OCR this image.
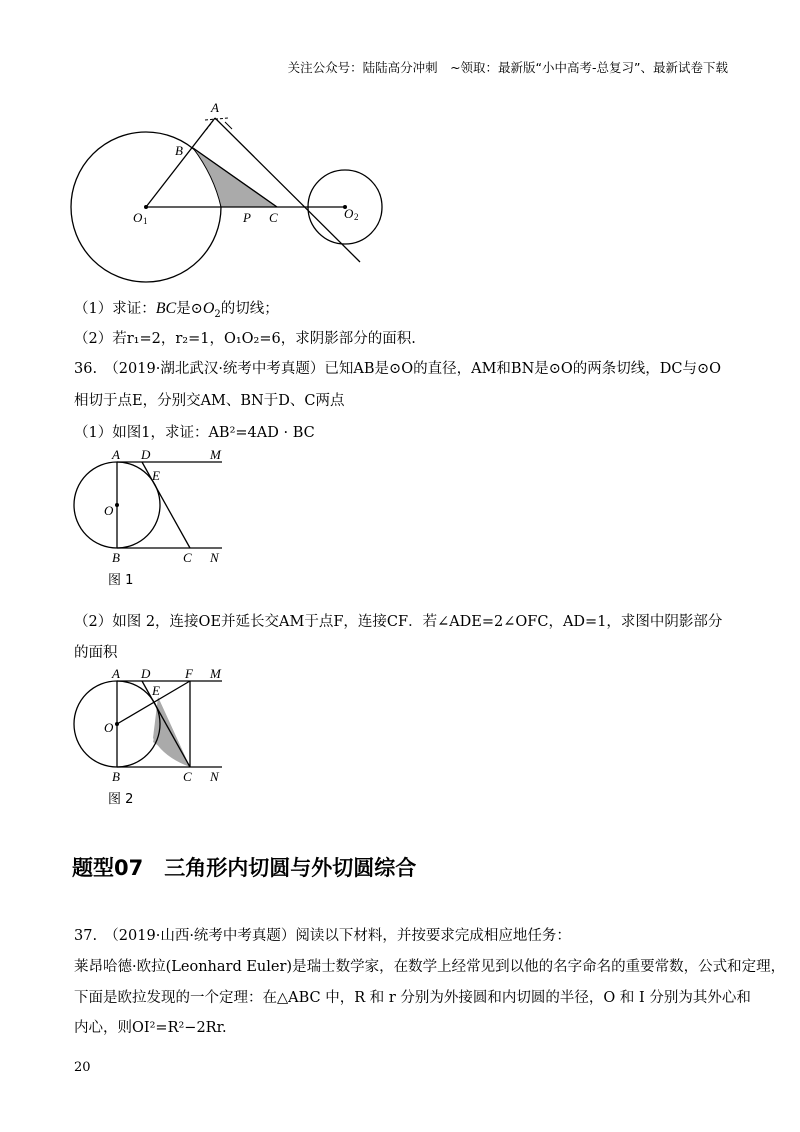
关注公众号：陆陆高分冲刺　~领取：最新版“小中高考-总复习”、最新试卷下载
A
B
O 1	P C	O 2
（1）求证：BC是$⊙O_2$的切线；
（2）若r₁=2，r₂=1，O₁O₂=6，求阴影部分的面积.
36.　（2019·湖北武汉·统考中考真题）已知AB是⊙O的直径，AM和BN是⊙O的两条切线，DC与⊙O
相切于点E，分别交AM、BN于D、C两点
（1）如图1，求证：AB²=4AD · BC
A D	M
E
O
B	C N
图 1
（2）如图 2，连接OE并延长交AM于点F，连接CF．若∠ADE=2∠OFC，AD=1，求图中阴影部分
的面积
A D	F M
E
O
B	C N
图 2
题型07　三角形内切圆与外切圆综合
37.　（2019·山西·统考中考真题）阅读以下材料，并按要求完成相应地任务：
莱昂哈德·欧拉(Leonhard Euler)是瑞士数学家，在数学上经常见到以他的名字命名的重要常数，公式和定理，
下面是欧拉发现的一个定理：在△ABC 中，R 和 r 分别为外接圆和内切圆的半径，O 和 I 分别为其外心和
内心，则OI²=R²−2Rr.
20
